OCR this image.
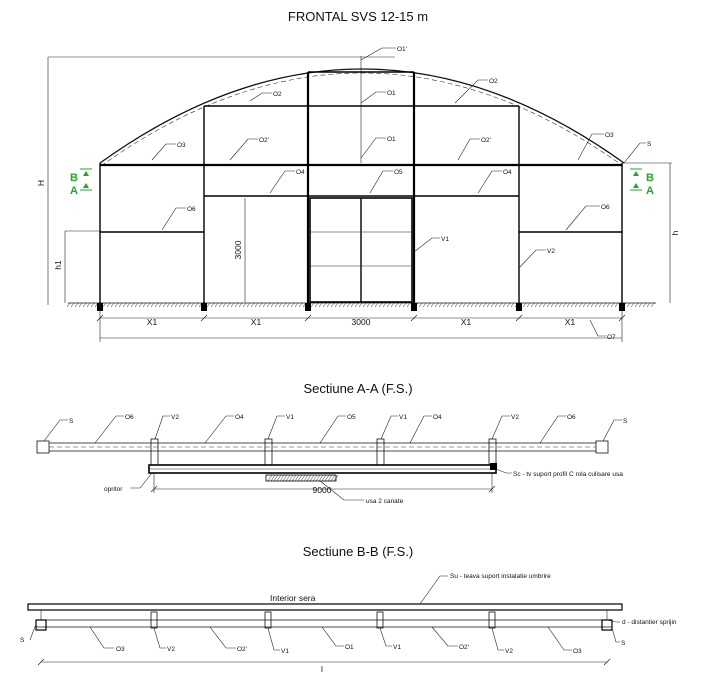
FRONTAL SVS 12-15 m
Sectiune A-A (F.S.)
Sectiune B-B (F.S.)
H
h1
h
3000
X1	X1	3000	X1	X1
B
A
B
A
O1'
O2
O2	O1
O1
O3
O3
O2'	O2'
S
O4	O5	O4
O6	O6
V1
V2
O7
9000
S
O6	V2	O4	V1	O5	V1	O4	V2	O6
S
Sc - tv suport profil C rola culisare usa
opritor
usa 2 canate
l
Su - teava suport instalatie umbrire
Interior sera
d - distantier sprijin
S
O3	V2	O2'	V1
O1	V1	O2'
V2	O3
S
